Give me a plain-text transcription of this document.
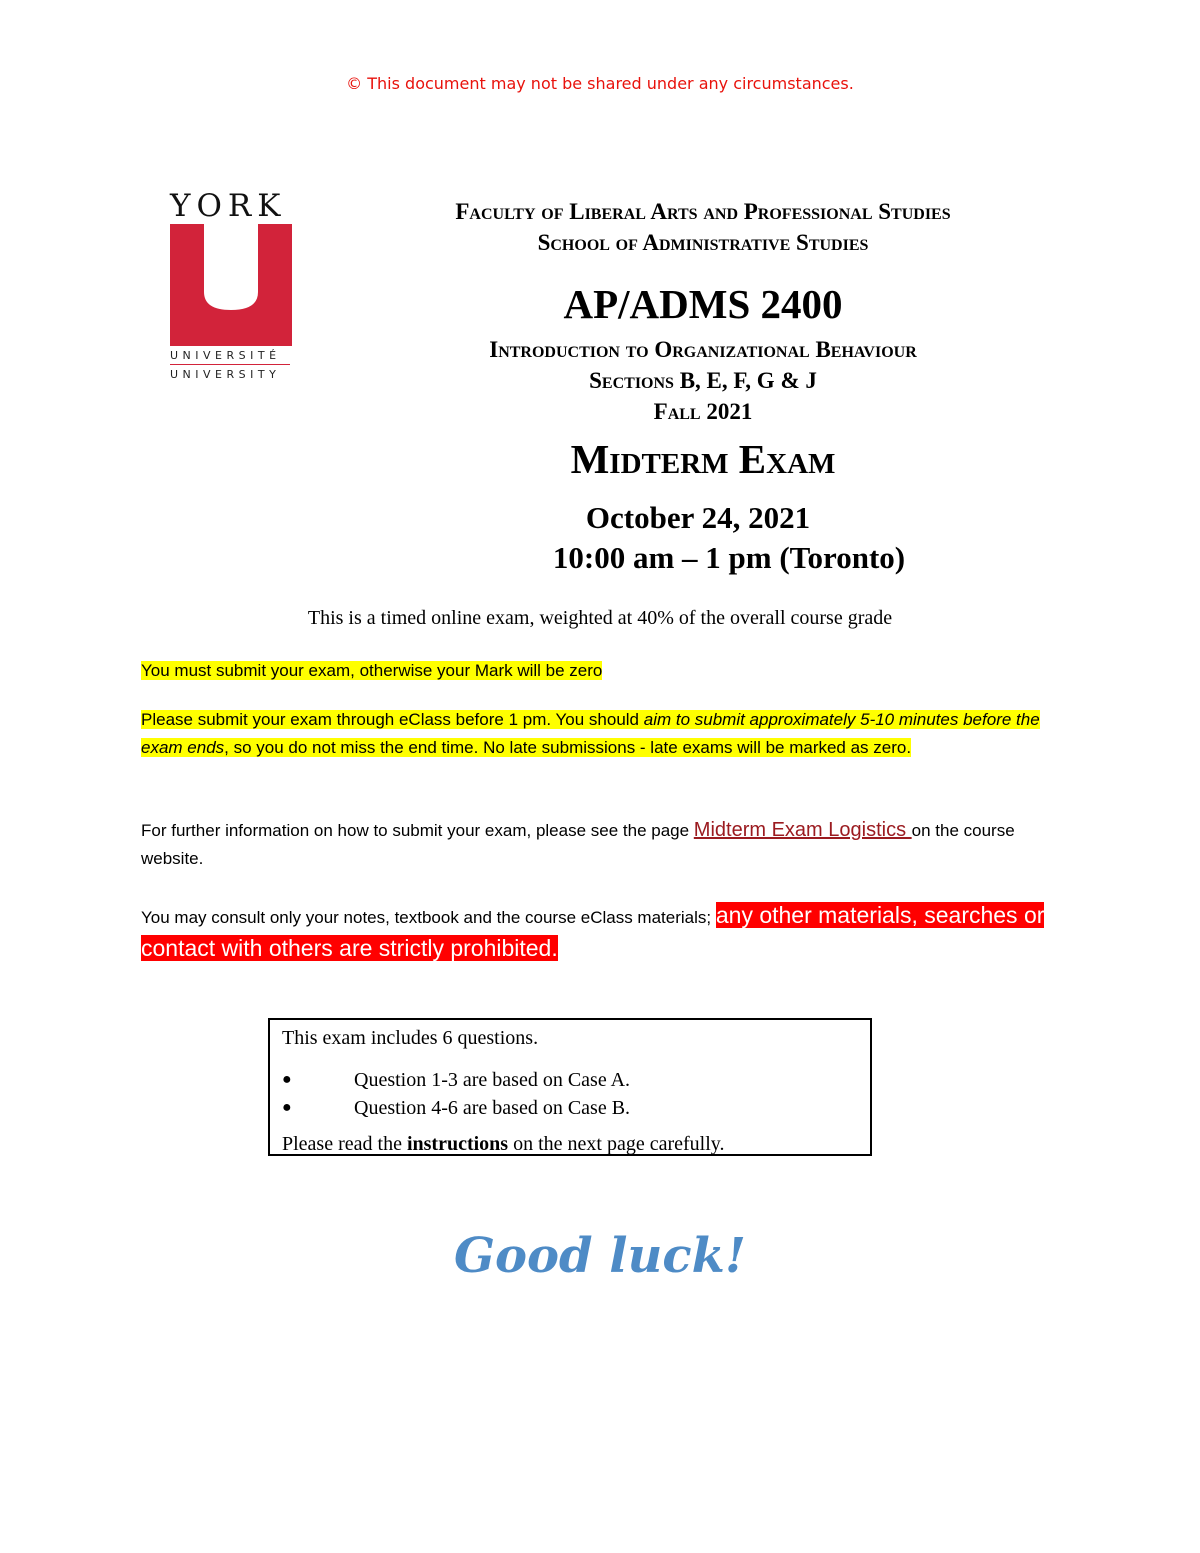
© This document may not be shared under any circumstances.
YORK
UNIVERSITÉ
UNIVERSITY
Faculty of Liberal Arts and Professional Studies
School of Administrative Studies
AP/ADMS 2400
Introduction to Organizational Behaviour
Sections B, E, F, G & J
Fall 2021
Midterm Exam
October 24, 2021
10:00 am – 1 pm (Toronto)
This is a timed online exam, weighted at 40% of the overall course grade
You must submit your exam, otherwise your Mark will be zero
Please submit your exam through eClass before 1 pm. You should aim to submit approximately 5-10 minutes before the exam ends, so you do not miss the end time. No late submissions - late exams will be marked as zero.
For further information on how to submit your exam, please see the page Midterm Exam Logistics on the course website.
You may consult only your notes, textbook and the course eClass materials; any other materials, searches or contact with others are strictly prohibited.
This exam includes 6 questions.
●	Question 1-3 are based on Case A.
●	Question 4-6 are based on Case B.
Please read the instructions on the next page carefully.
Good luck!
